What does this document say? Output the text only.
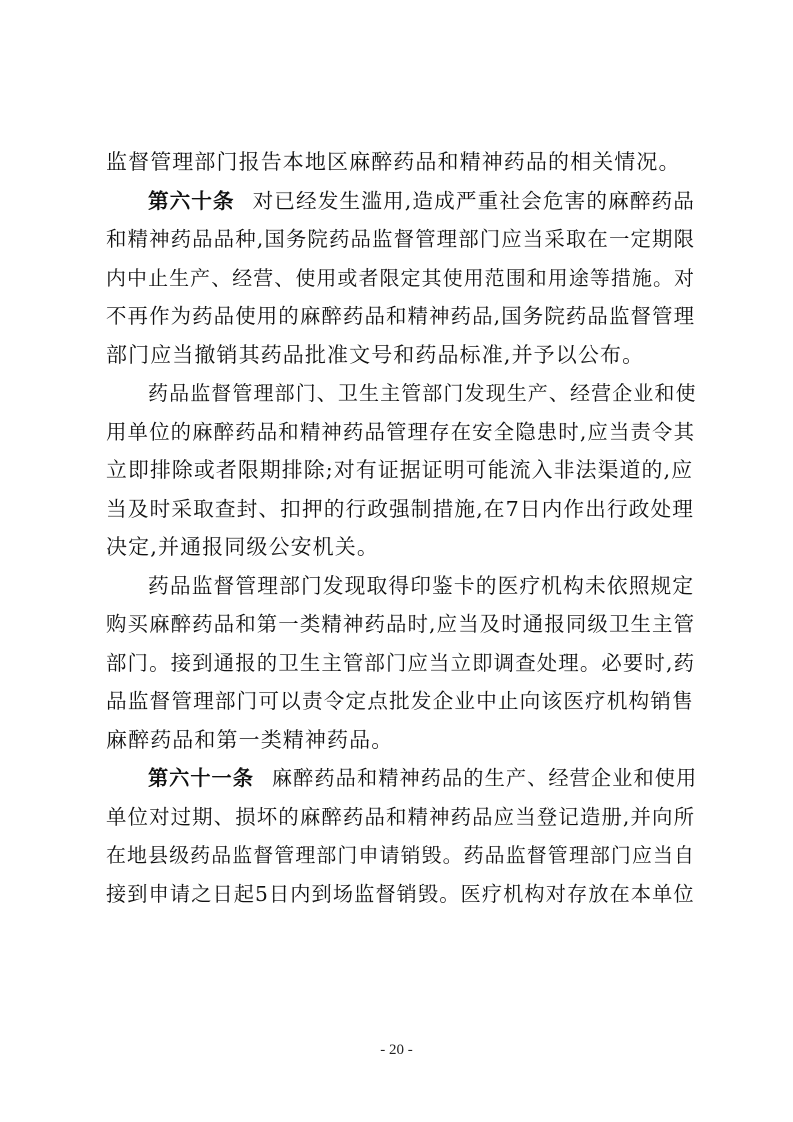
监督管理部门报告本地区麻醉药品和精神药品的相关情况。
第六十条 对已经发生滥用,造成严重社会危害的麻醉药品
和精神药品品种,国务院药品监督管理部门应当采取在一定期限
内中止生产、经营、使用或者限定其使用范围和用途等措施。对
不再作为药品使用的麻醉药品和精神药品,国务院药品监督管理
部门应当撤销其药品批准文号和药品标准,并予以公布。
药品监督管理部门、卫生主管部门发现生产、经营企业和使
用单位的麻醉药品和精神药品管理存在安全隐患时,应当责令其
立即排除或者限期排除;对有证据证明可能流入非法渠道的,应
当及时采取查封、扣押的行政强制措施,在7日内作出行政处理
决定,并通报同级公安机关。
药品监督管理部门发现取得印鉴卡的医疗机构未依照规定
购买麻醉药品和第一类精神药品时,应当及时通报同级卫生主管
部门。接到通报的卫生主管部门应当立即调查处理。必要时,药
品监督管理部门可以责令定点批发企业中止向该医疗机构销售
麻醉药品和第一类精神药品。
第六十一条 麻醉药品和精神药品的生产、经营企业和使用
单位对过期、损坏的麻醉药品和精神药品应当登记造册,并向所
在地县级药品监督管理部门申请销毁。药品监督管理部门应当自
接到申请之日起5日内到场监督销毁。医疗机构对存放在本单位
- 20 -
